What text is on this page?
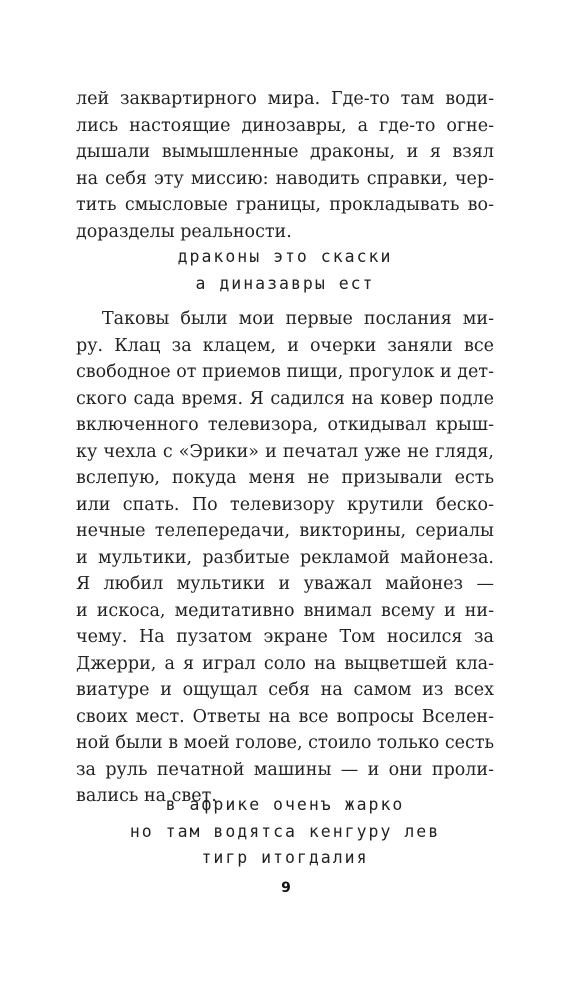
лей заквартирного мира. Где-то там води-
лись настоящие динозавры, а где-то огне-
дышали вымышленные драконы, и я взял
на себя эту миссию: наводить справки, чер-
тить смысловые границы, прокладывать во-
дoразделы реальности.
драконы это скаски
а диназавры ест
Таковы были мои первые послания ми-
ру. Клац за клацем, и очерки заняли все
свободное от приемов пищи, прогулок и дет-
ского сада время. Я садился на ковер подле
включенного телевизора, откидывал крыш-
ку чехла с «Эрики» и печатал уже не глядя,
вслепую, покуда меня не призывали есть
или спать. По телевизору крутили беско-
нечные телепередачи, викторины, сериалы
и мультики, разбитые рекламой майонеза.
Я любил мультики и уважал майонез —
и искоса, медитативно внимал всему и ни-
чему. На пузатом экране Том носился за
Джерри, а я играл соло на выцветшей кла-
виатуре и ощущал себя на самом из всех
своих мест. Ответы на все вопросы Вселен-
ной были в моей голове, стоило только сесть
за руль печатной машины — и они проли-
вались на свет.
в африке оченъ жарко
но там водятса кенгуру лев
тигр итогдалия
9
